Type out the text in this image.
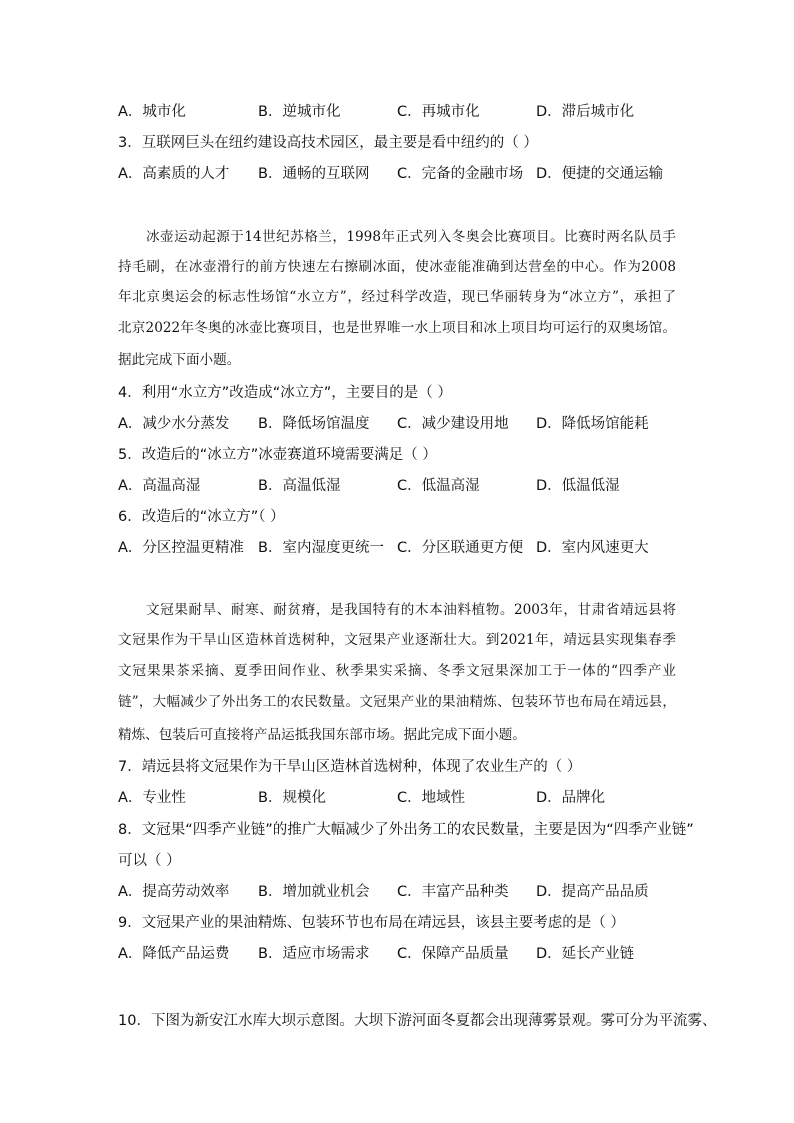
A．城市化	B．逆城市化	C．再城市化	D．滞后城市化
3．互联网巨头在纽约建设高技术园区，最主要是看中纽约的（ ）
A．高素质的人才 B．通畅的互联网 C．完备的金融市场 D．便捷的交通运输
冰壶运动起源于14世纪苏格兰，1998年正式列入冬奥会比赛项目。比赛时两名队员手
持毛刷，在冰壶滑行的前方快速左右擦刷冰面，使冰壶能准确到达营垒的中心。作为2008
年北京奥运会的标志性场馆“水立方”，经过科学改造，现已华丽转身为“冰立方”，承担了
北京2022年冬奥的冰壶比赛项目，也是世界唯一水上项目和冰上项目均可运行的双奥场馆。
据此完成下面小题。
4．利用“水立方”改造成“冰立方”，主要目的是（ ）
A．减少水分蒸发 B．降低场馆温度 C．减少建设用地 D．降低场馆能耗
5．改造后的“冰立方”冰壶赛道环境需要满足（ ）
A．高温高湿	B．高温低湿	C．低温高湿	D．低温低湿
6．改造后的“冰立方”（ ）
A．分区控温更精准 B．室内湿度更统一 C．分区联通更方便 D．室内风速更大
文冠果耐旱、耐寒、耐贫瘠，是我国特有的木本油料植物。2003年，甘肃省靖远县将
文冠果作为干旱山区造林首选树种，文冠果产业逐渐壮大。到2021年，靖远县实现集春季
文冠果果茶采摘、夏季田间作业、秋季果实采摘、冬季文冠果深加工于一体的“四季产业
链”，大幅减少了外出务工的农民数量。文冠果产业的果油精炼、包装环节也布局在靖远县，
精炼、包装后可直接将产品运抵我国东部市场。据此完成下面小题。
7．靖远县将文冠果作为干旱山区造林首选树种，体现了农业生产的（ ）
A．专业性	B．规模化	C．地域性	D．品牌化
8．文冠果“四季产业链”的推广大幅减少了外出务工的农民数量，主要是因为“四季产业链”
可以（ ）
A．提高劳动效率 B．增加就业机会 C．丰富产品种类 D．提高产品品质
9．文冠果产业的果油精炼、包装环节也布局在靖远县，该县主要考虑的是（ ）
A．降低产品运费 B．适应市场需求 C．保障产品质量 D．延长产业链
10．下图为新安江水库大坝示意图。大坝下游河面冬夏都会出现薄雾景观。雾可分为平流雾、
